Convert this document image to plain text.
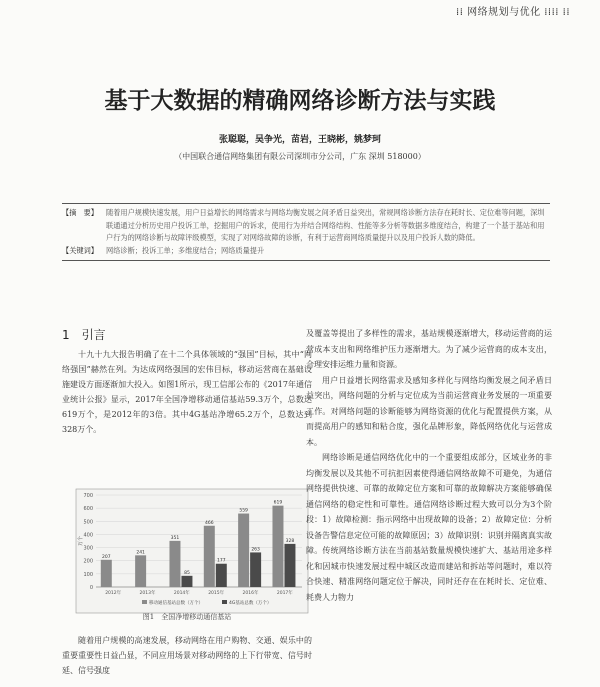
⁞⁞ 网络规划与优化 ⁞⁞⁞⁞ ⁞⁞
基于大数据的精确网络诊断方法与实践
张聪聪，吴争光，苗岩，王晓彬，姚梦珂
（中国联合通信网络集团有限公司深圳市分公司，广东 深圳 518000）
【摘　要】	随着用户规模快速发展，用户日益增长的网络需求与网络均衡发展之间矛盾日益突出，常规网络诊断方法存在耗时长、定位难等问题，深圳联通通过分析历史用户投诉工单，挖掘用户的诉求，使用行为并结合网络结构、性能等多分析等数据多维度结合，构建了一个基于基站和用户行为的网络诊断与故障评级模型，实现了对网络故障的诊断，有利于运营商网络质量提升以及用户投诉人数的降低。
【关键词】	网络诊断；投诉工单；多维度结合；网络质量提升
1　引言

十九十九大报告明确了在十二个具体领域的“强国”目标，其中“网络强国”赫然在列。为达成网络强国的宏伟目标，移动运营商在基础设施建设方面逐渐加大投入。如图1所示，现工信部公布的《2017年通信业统计公报》显示，2017年全国净增移动通信基站59.3万个，总数达619万个，是2012年的3倍。其中4G基站净增65.2万个，总数达到328万个。

0
100
200
300
400
500
600
700
万个
207
2012年
241
2013年
351
85
2014年
466
177
2015年
559
263
2016年
619
328
2017年
移动通信基站总数（万个）	4G基站总数（万个）
图1　全国净增移动通信基站

随着用户规模的高速发展，移动网络在用户购物、交通、娱乐中的重要重要性日益凸显，不同应用场景对移动网络的上下行带宽、信号时延、信号强度

及覆盖等提出了多样性的需求，基站规模逐渐增大，移动运营商的运营成本支出和网络维护压力逐渐增大。为了减少运营商的成本支出，合理安排运维力量和资源。

用户日益增长网络需求及感知多样化与网络均衡发展之间矛盾日益突出，网络问题的分析与定位成为当前运营商业务发展的一项重要工作。对网络问题的诊断能够为网络资源的优化与配置提供方案，从而提高用户的感知和粘合度，强化品牌形象，降低网络优化与运营成本。

网络诊断是通信网络优化中的一个重要组成部分，区域业务的非均衡发展以及其他不可抗拒因素使得通信网络故障不可避免，为通信网络提供快速、可靠的故障定位方案和可靠的故障解决方案能够确保通信网络的稳定性和可靠性。通信网络诊断过程大致可以分为3个阶段：1）故障检测：指示网络中出现故障的设备；2）故障定位：分析设备告警信息定位可能的故障原因；3）故障识别：识别并隔离真实故障。传统网络诊断方法在当前基站数量规模快速扩大、基站用途多样化和因城市快速发展过程中城区改造而建站和拆站等问题时，难以符合快速、精准网络问题定位于解决，同时还存在在耗时长、定位难、耗费人力物力
